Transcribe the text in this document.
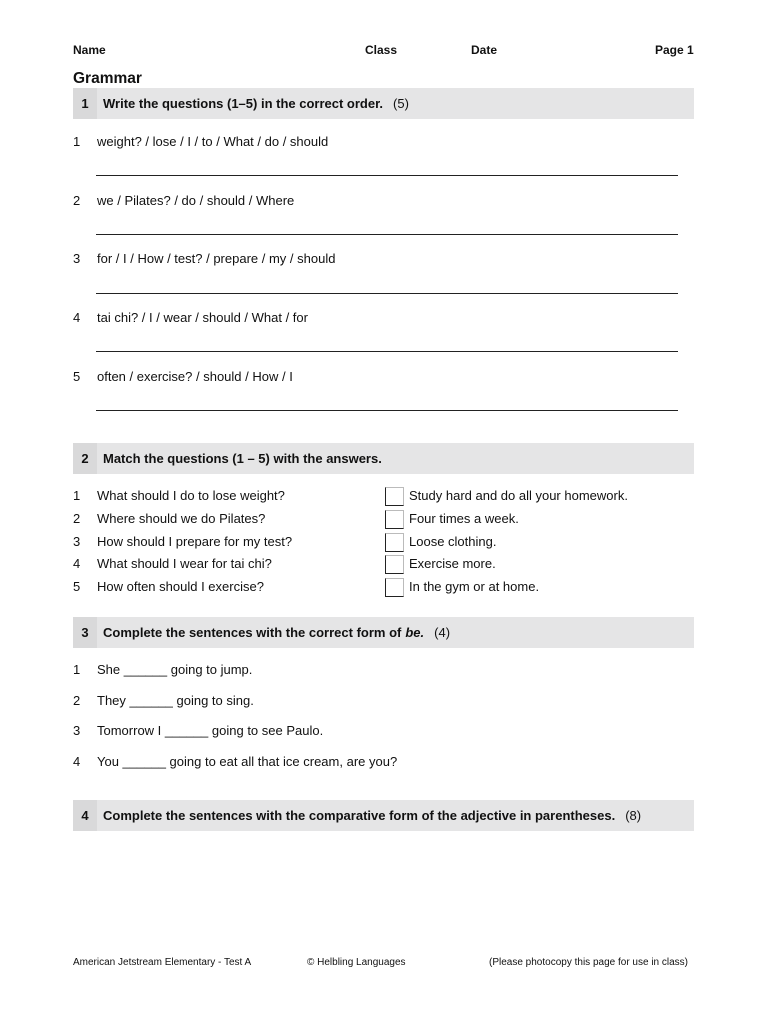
Name	Class	Date	Page 1
Grammar
1	Write the questions (1–5) in the correct order. (5)
1 weight? / lose / I / to / What / do / should
2 we / Pilates? / do / should / Where
3 for / I / How / test? / prepare / my / should
4 tai chi? / I / wear / should / What / for
5 often / exercise? / should / How / I
2	Match the questions (1 – 5) with the answers.
1 What should I do to lose weight?	Study hard and do all your homework.
2 Where should we do Pilates?	Four times a week.
3 How should I prepare for my test?	Loose clothing.
4 What should I wear for tai chi?	Exercise more.
5 How often should I exercise?	In the gym or at home.
3	Complete the sentences with the correct form of be. (4)
1 She ______ going to jump.
2 They ______ going to sing.
3 Tomorrow I ______ going to see Paulo.
4 You ______ going to eat all that ice cream, are you?
4	Complete the sentences with the comparative form of the adjective in parentheses. (8)
American Jetstream Elementary - Test A	© Helbling Languages	(Please photocopy this page for use in class)
